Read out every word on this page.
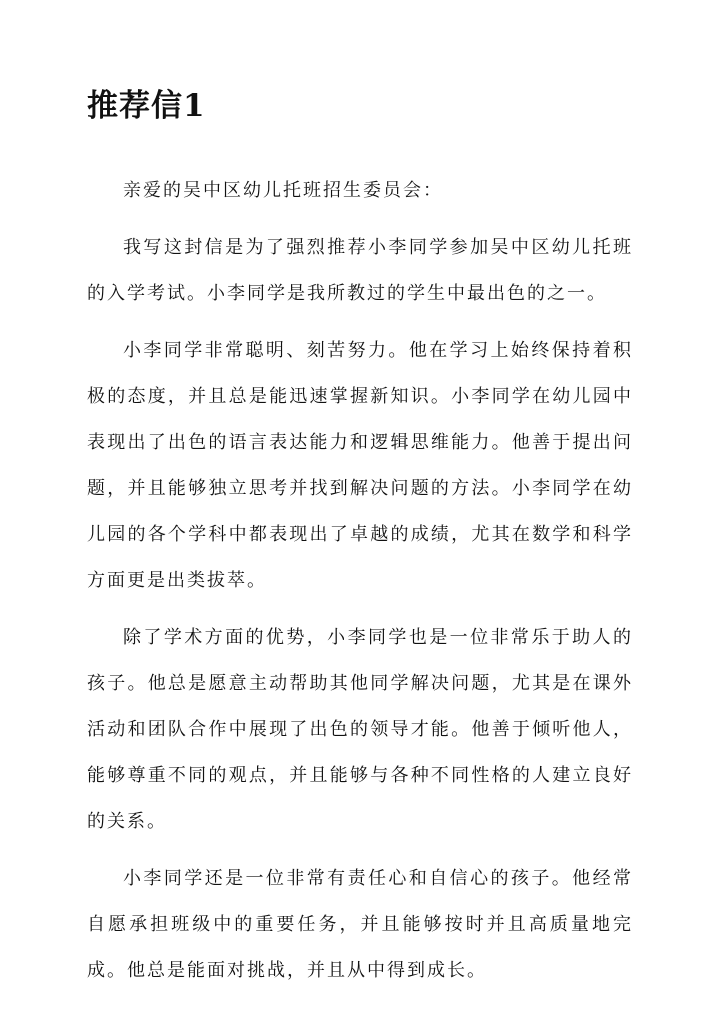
推荐信1

亲爱的吴中区幼儿托班招生委员会：

我写这封信是为了强烈推荐小李同学参加吴中区幼儿托班的入学考试。小李同学是我所教过的学生中最出色的之一。

小李同学非常聪明、刻苦努力。他在学习上始终保持着积极的态度，并且总是能迅速掌握新知识。小李同学在幼儿园中表现出了出色的语言表达能力和逻辑思维能力。他善于提出问题，并且能够独立思考并找到解决问题的方法。小李同学在幼儿园的各个学科中都表现出了卓越的成绩，尤其在数学和科学方面更是出类拔萃。

除了学术方面的优势，小李同学也是一位非常乐于助人的孩子。他总是愿意主动帮助其他同学解决问题，尤其是在课外活动和团队合作中展现了出色的领导才能。他善于倾听他人，能够尊重不同的观点，并且能够与各种不同性格的人建立良好的关系。

小李同学还是一位非常有责任心和自信心的孩子。他经常自愿承担班级中的重要任务，并且能够按时并且高质量地完成。他总是能面对挑战，并且从中得到成长。
